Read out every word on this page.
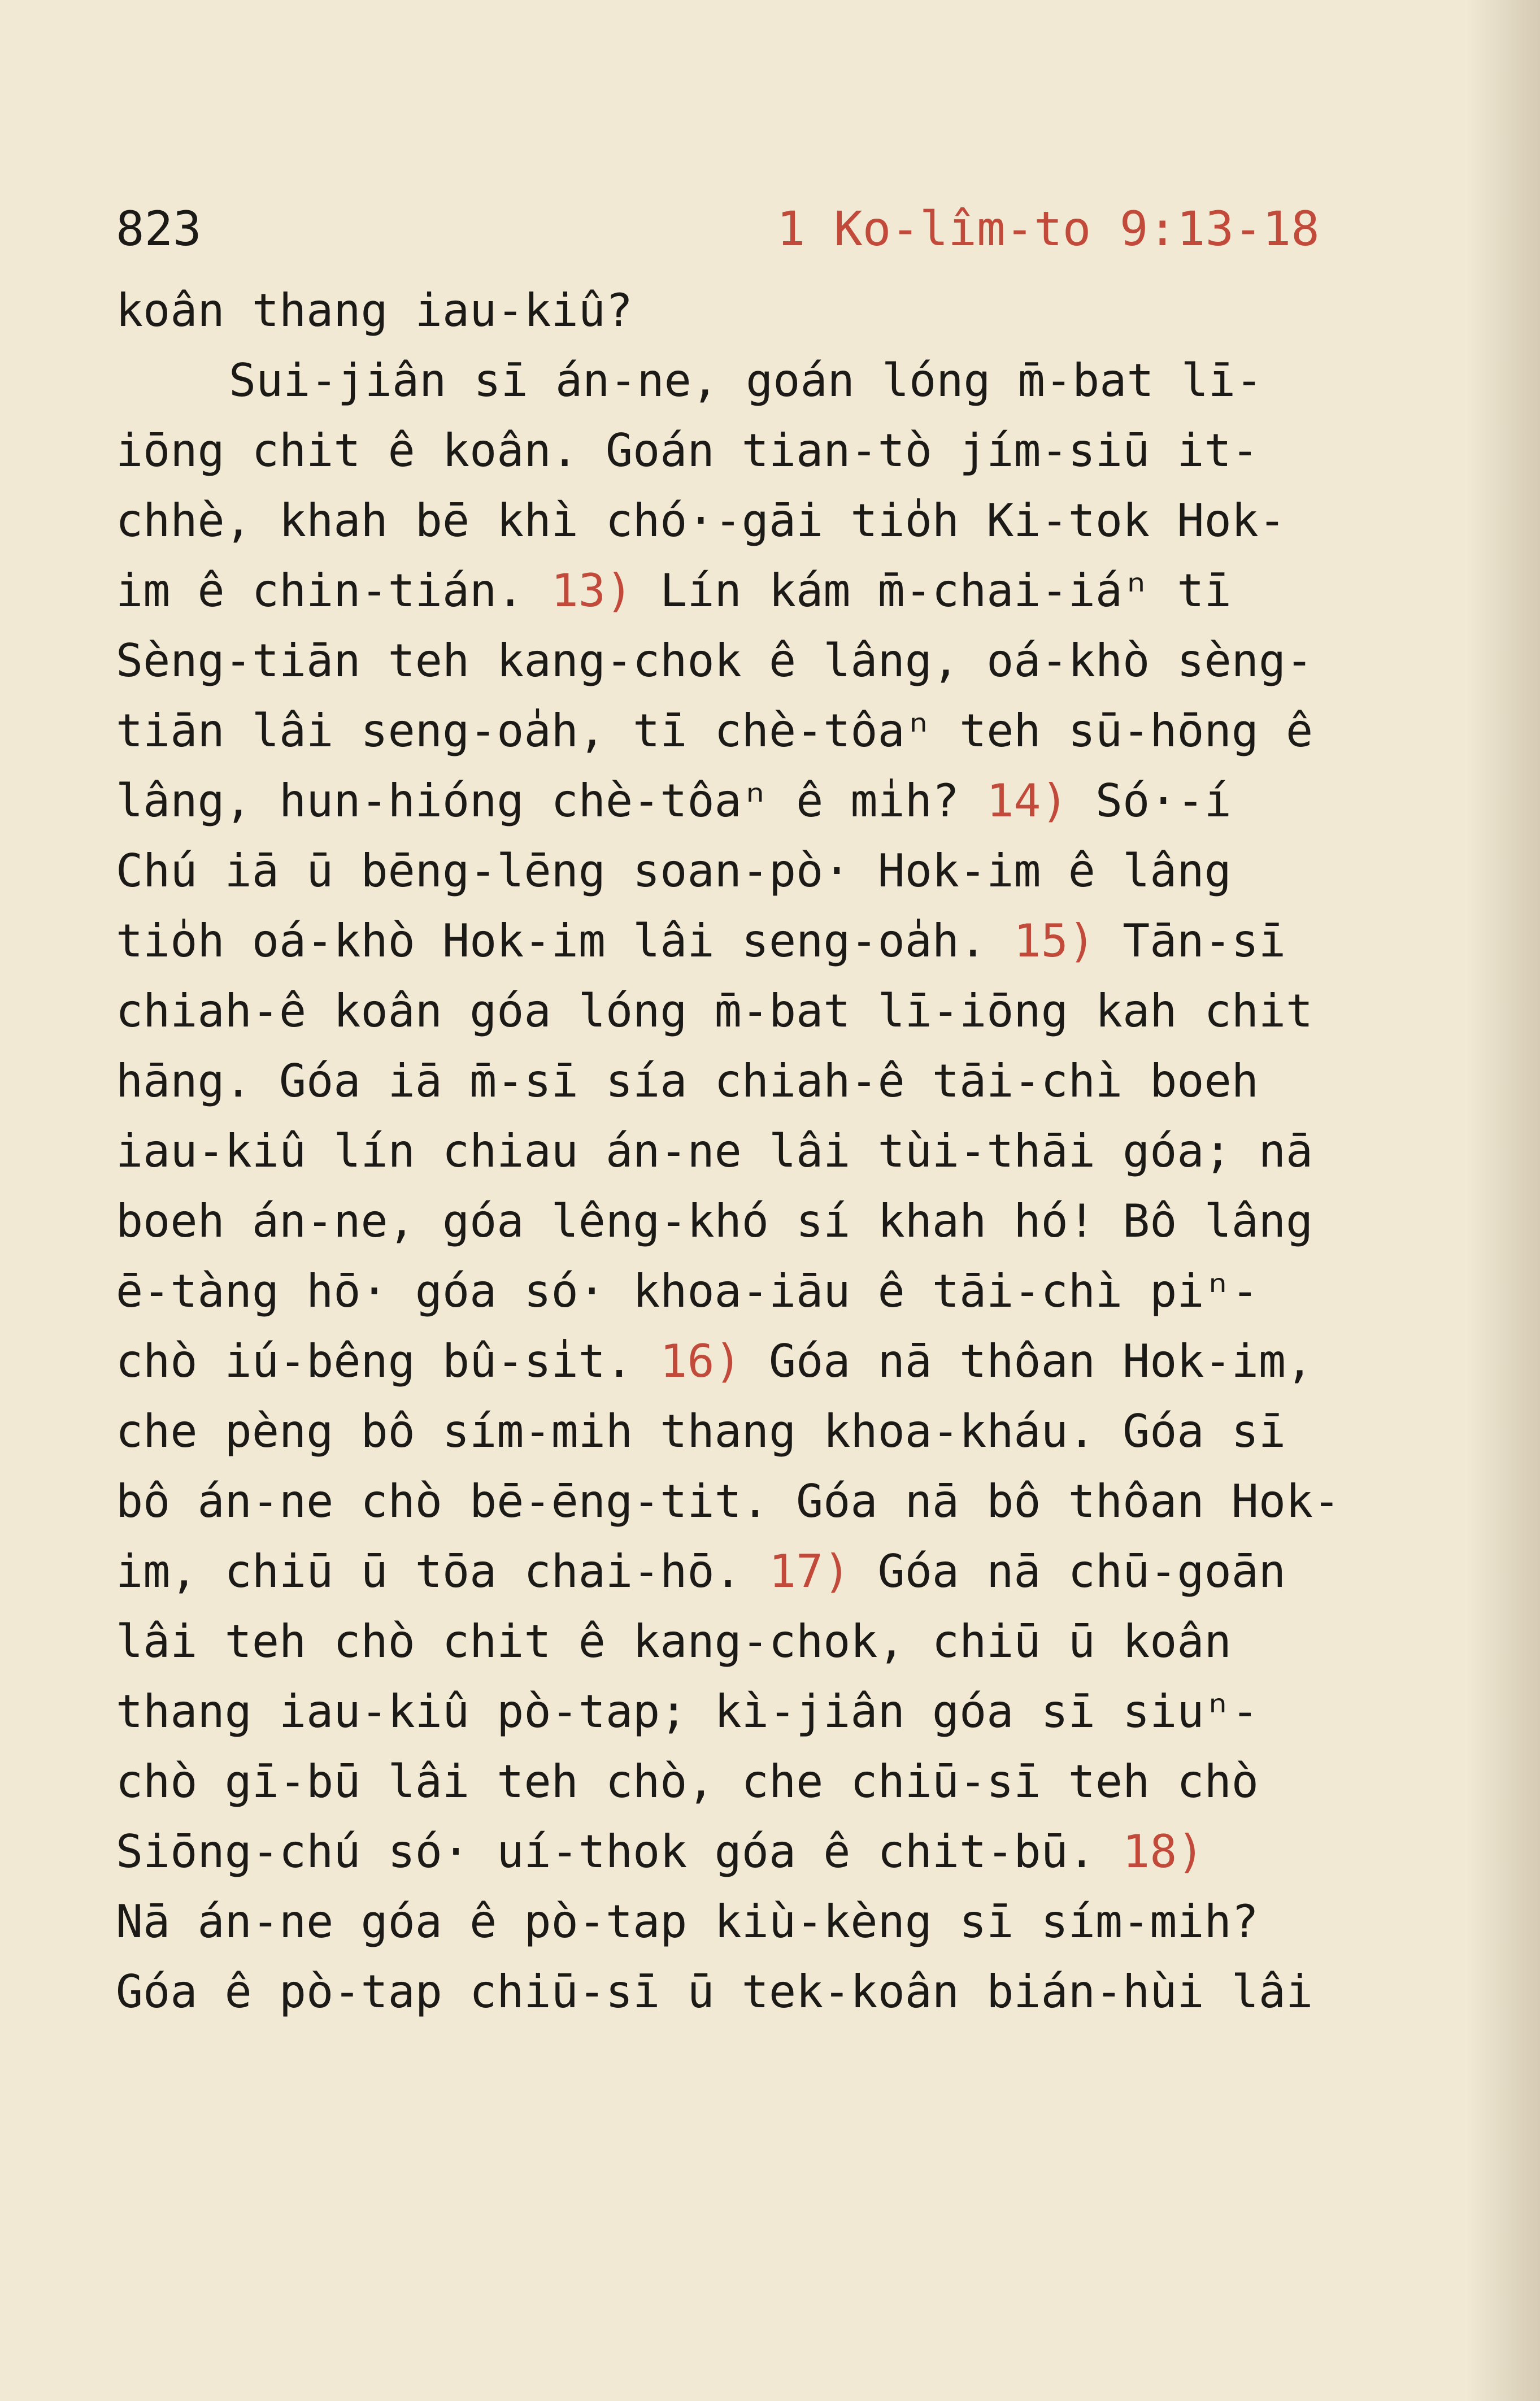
823	1 Ko-lîm-to 9:13-18
koân thang iau-kiû?
Sui-jiân sī án-ne, goán lóng m̄-bat lī-
iōng chit ê koân. Goán tian-tò jím-siū it-
chhè, khah bē khì chó·-gāi tio̍h Ki-tok Hok-
im ê chin-tián. 13) Lín kám m̄-chai-iáⁿ tī
Sèng-tiān teh kang-chok ê lâng, oá-khò sèng-
tiān lâi seng-oa̍h, tī chè-tôaⁿ teh sū-hōng ê
lâng, hun-hióng chè-tôaⁿ ê mi̍h? 14) Só·-í
Chú iā ū bēng-lēng soan-pò· Hok-im ê lâng
tio̍h oá-khò Hok-im lâi seng-oa̍h. 15) Tān-sī
chiah-ê koân góa lóng m̄-bat lī-iōng kah chit
hāng. Góa iā m̄-sī sía chiah-ê tāi-chì boeh
iau-kiû lín chiau án-ne lâi tùi-thāi góa; nā
boeh án-ne, góa lêng-khó sí khah hó! Bô lâng
ē-tàng hō· góa só· khoa-iāu ê tāi-chì piⁿ-
chò iú-bêng bû-si̍t. 16) Góa nā thôan Hok-im,
che pèng bô sím-mih thang khoa-kháu. Góa sī
bô án-ne chò bē-ēng-tit. Góa nā bô thôan Hok-
im, chiū ū tōa chai-hō. 17) Góa nā chū-goān
lâi teh chò chit ê kang-chok, chiū ū koân
thang iau-kiû pò-tap; kì-jiân góa sī siuⁿ-
chò gī-bū lâi teh chò, che chiū-sī teh chò
Siōng-chú só· uí-thok góa ê chit-bū. 18)
Nā án-ne góa ê pò-tap kiù-kèng sī sím-mih?
Góa ê pò-tap chiū-sī ū tek-koân bián-hùi lâi
